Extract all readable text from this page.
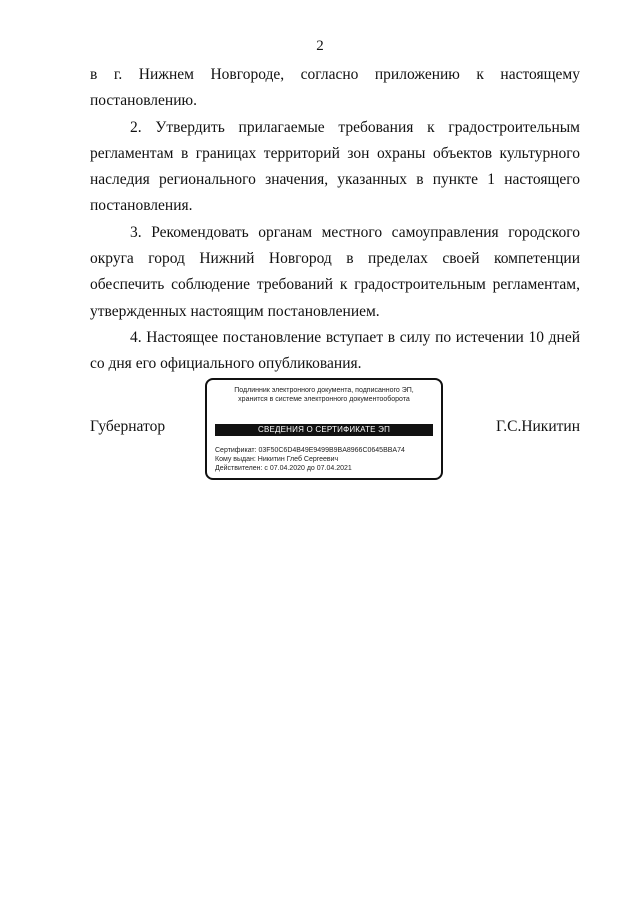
2

в г. Нижнем Новгороде, согласно приложению к настоящему постановлению.

2. Утвердить прилагаемые требования к градостроительным регламентам в границах территорий зон охраны объектов культурного наследия регионального значения, указанных в пункте 1 настоящего постановления.

3. Рекомендовать органам местного самоуправления городского округа город Нижний Новгород в пределах своей компетенции обеспечить соблюдение требований к градостроительным регламентам, утвержденных настоящим постановлением.

4. Настоящее постановление вступает в силу по истечении 10 дней со дня его официального опубликования.

Губернатор
Подлинник электронного документа, подписанного ЭП,
хранится в системе электронного документооборота
СВЕДЕНИЯ О СЕРТИФИКАТЕ ЭП
Сертификат: 03F50C6D4B49E9499B9BA8966C0645BBA74
Кому выдан: Никитин Глеб Сергеевич
Действителен: с 07.04.2020 до 07.04.2021
Г.С.Никитин
